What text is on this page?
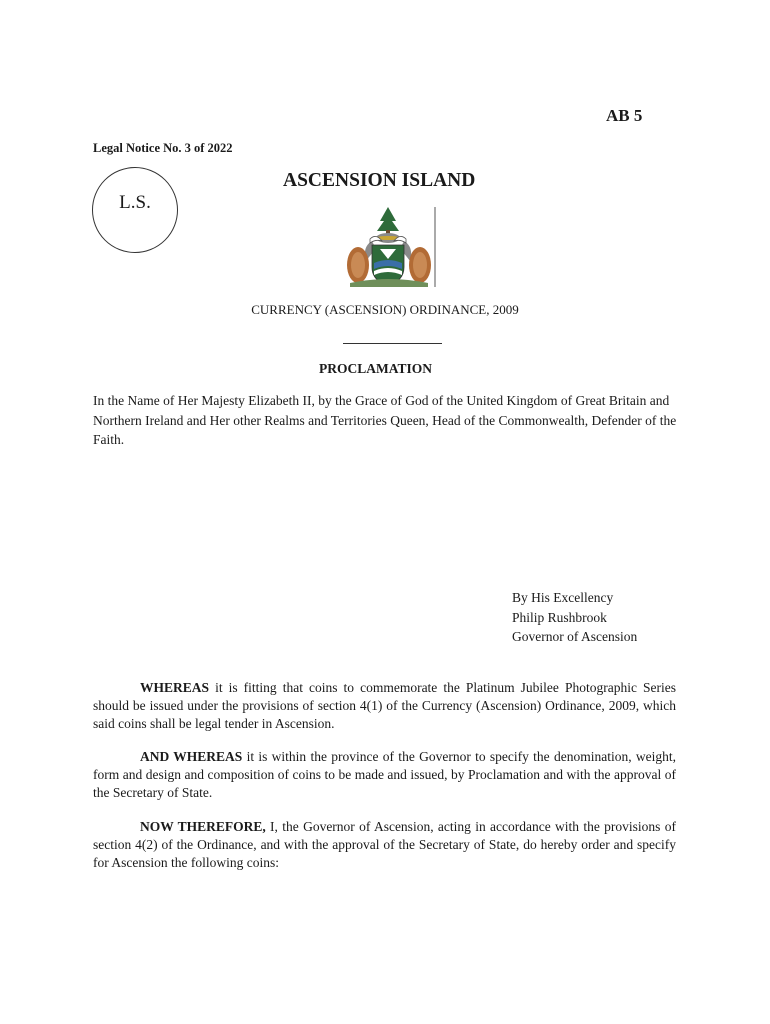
AB 5
Legal Notice No. 3 of 2022
L.S.
ASCENSION ISLAND
CURRENCY (ASCENSION) ORDINANCE, 2009
PROCLAMATION
In the Name of Her Majesty Elizabeth II, by the Grace of God of the United Kingdom of Great Britain and Northern Ireland and Her other Realms and Territories Queen, Head of the Commonwealth, Defender of the Faith.
By His Excellency
Philip Rushbrook
Governor of Ascension
WHEREAS it is fitting that coins to commemorate the Platinum Jubilee Photographic Series should be issued under the provisions of section 4(1) of the Currency (Ascension) Ordinance, 2009, which said coins shall be legal tender in Ascension.
AND WHEREAS it is within the province of the Governor to specify the denomination, weight, form and design and composition of coins to be made and issued, by Proclamation and with the approval of the Secretary of State.
NOW THEREFORE, I, the Governor of Ascension, acting in accordance with the provisions of section 4(2) of the Ordinance, and with the approval of the Secretary of State, do hereby order and specify for Ascension the following coins:
